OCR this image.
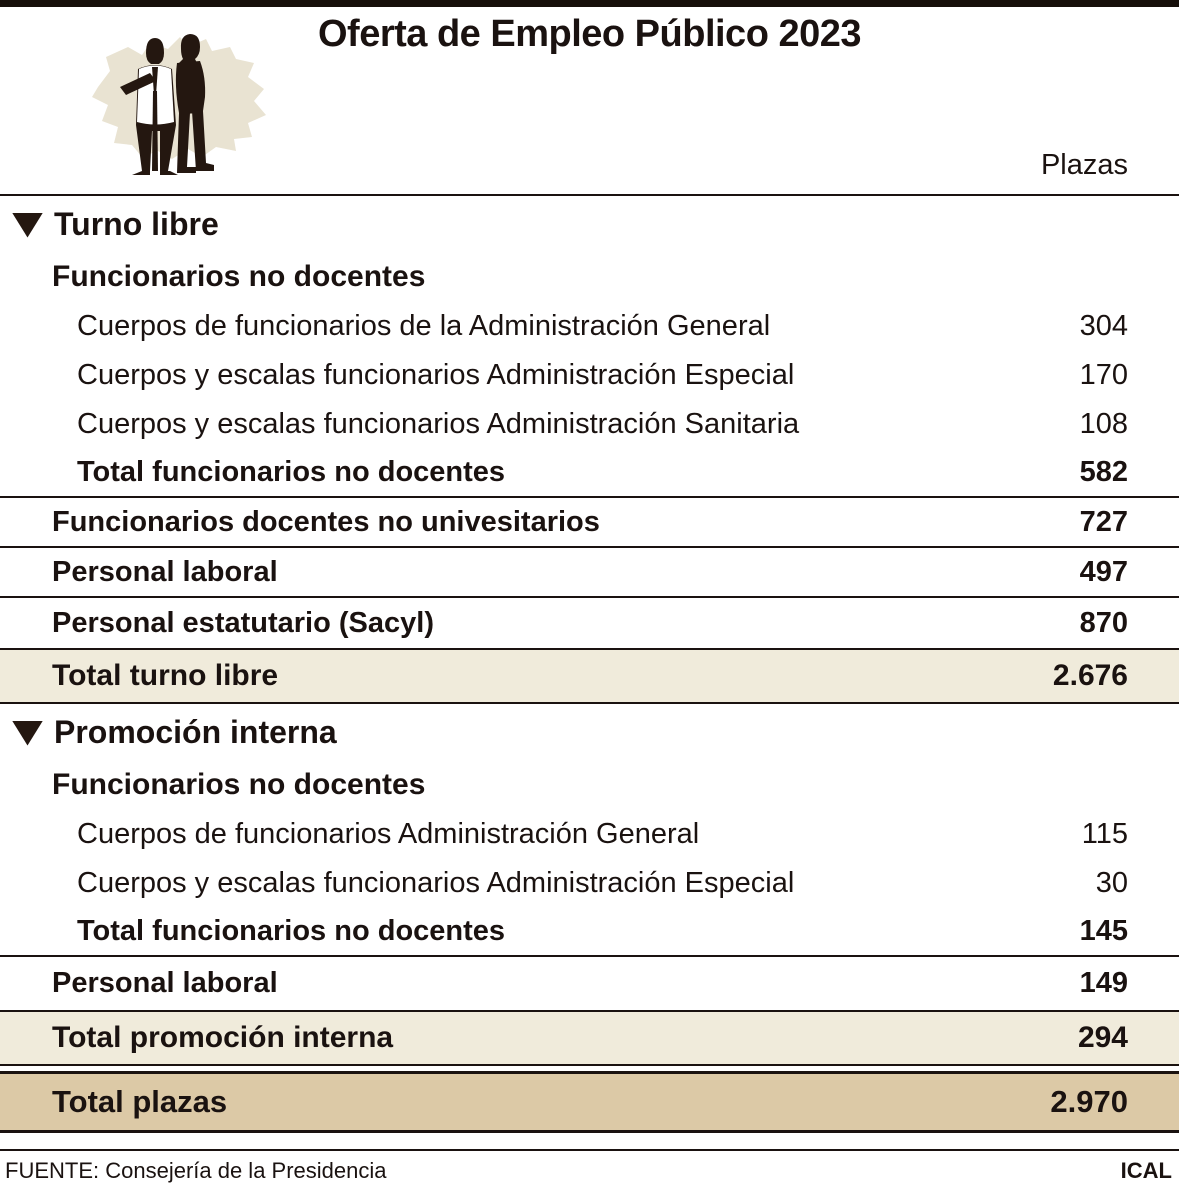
Oferta de Empleo Público 2023
Plazas
Turno libre
Funcionarios no docentes
Cuerpos de funcionarios de la Administración General	304
Cuerpos y escalas funcionarios Administración Especial	170
Cuerpos y escalas funcionarios Administración Sanitaria	108
Total funcionarios no docentes	582
Funcionarios docentes no univesitarios	727
Personal laboral	497
Personal estatutario (Sacyl)	870
Total turno libre	2.676
Promoción interna
Funcionarios no docentes
Cuerpos de funcionarios Administración General	115
Cuerpos y escalas funcionarios Administración Especial	30
Total funcionarios no docentes	145
Personal laboral	149
Total promoción interna	294
Total plazas	2.970
FUENTE: Consejería de la Presidencia	ICAL
